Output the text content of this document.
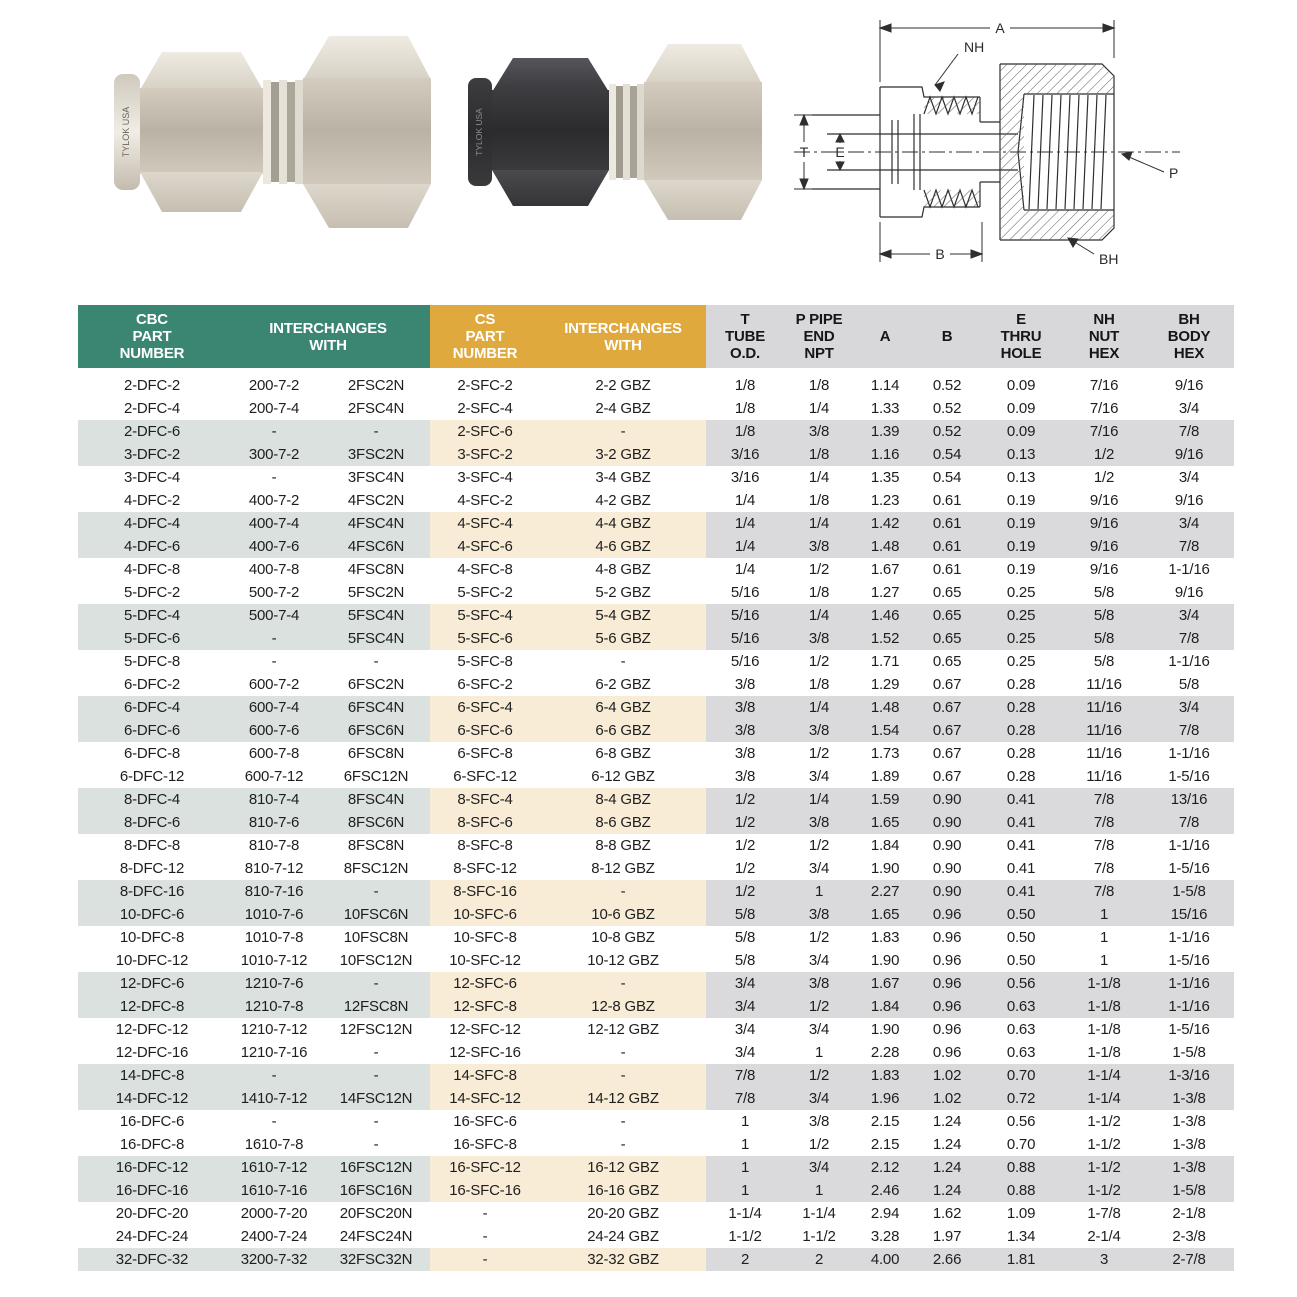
TYLOK USA	TYLOK USA
A
NH
T E
B
P
BH
CBC
PART
NUMBER

INTERCHANGES
WITH

CS
PART
NUMBER

INTERCHANGES
WITH

T
TUBE
O.D.

P PIPE
END
NPT

A	B

E
THRU
HOLE

NH
NUT
HEX

BH
BODY
HEX

2-DFC-2	200-7-2	2FSC2N	2-SFC-2	2-2 GBZ	1/8	1/8	1.14	0.52	0.09	7/16	9/16
2-DFC-4	200-7-4	2FSC4N	2-SFC-4	2-4 GBZ	1/8	1/4	1.33	0.52	0.09	7/16	3/4
2-DFC-6	-	-	2-SFC-6	-	1/8	3/8	1.39	0.52	0.09	7/16	7/8
3-DFC-2	300-7-2	3FSC2N	3-SFC-2	3-2 GBZ	3/16	1/8	1.16	0.54	0.13	1/2	9/16
3-DFC-4	-	3FSC4N	3-SFC-4	3-4 GBZ	3/16	1/4	1.35	0.54	0.13	1/2	3/4
4-DFC-2	400-7-2	4FSC2N	4-SFC-2	4-2 GBZ	1/4	1/8	1.23	0.61	0.19	9/16	9/16
4-DFC-4	400-7-4	4FSC4N	4-SFC-4	4-4 GBZ	1/4	1/4	1.42	0.61	0.19	9/16	3/4
4-DFC-6	400-7-6	4FSC6N	4-SFC-6	4-6 GBZ	1/4	3/8	1.48	0.61	0.19	9/16	7/8
4-DFC-8	400-7-8	4FSC8N	4-SFC-8	4-8 GBZ	1/4	1/2	1.67	0.61	0.19	9/16	1-1/16
5-DFC-2	500-7-2	5FSC2N	5-SFC-2	5-2 GBZ	5/16	1/8	1.27	0.65	0.25	5/8	9/16
5-DFC-4	500-7-4	5FSC4N	5-SFC-4	5-4 GBZ	5/16	1/4	1.46	0.65	0.25	5/8	3/4
5-DFC-6	-	5FSC4N	5-SFC-6	5-6 GBZ	5/16	3/8	1.52	0.65	0.25	5/8	7/8
5-DFC-8	-	-	5-SFC-8	-	5/16	1/2	1.71	0.65	0.25	5/8	1-1/16
6-DFC-2	600-7-2	6FSC2N	6-SFC-2	6-2 GBZ	3/8	1/8	1.29	0.67	0.28	11/16	5/8
6-DFC-4	600-7-4	6FSC4N	6-SFC-4	6-4 GBZ	3/8	1/4	1.48	0.67	0.28	11/16	3/4
6-DFC-6	600-7-6	6FSC6N	6-SFC-6	6-6 GBZ	3/8	3/8	1.54	0.67	0.28	11/16	7/8
6-DFC-8	600-7-8	6FSC8N	6-SFC-8	6-8 GBZ	3/8	1/2	1.73	0.67	0.28	11/16	1-1/16
6-DFC-12	600-7-12	6FSC12N	6-SFC-12	6-12 GBZ	3/8	3/4	1.89	0.67	0.28	11/16	1-5/16
8-DFC-4	810-7-4	8FSC4N	8-SFC-4	8-4 GBZ	1/2	1/4	1.59	0.90	0.41	7/8	13/16
8-DFC-6	810-7-6	8FSC6N	8-SFC-6	8-6 GBZ	1/2	3/8	1.65	0.90	0.41	7/8	7/8
8-DFC-8	810-7-8	8FSC8N	8-SFC-8	8-8 GBZ	1/2	1/2	1.84	0.90	0.41	7/8	1-1/16
8-DFC-12	810-7-12	8FSC12N	8-SFC-12	8-12 GBZ	1/2	3/4	1.90	0.90	0.41	7/8	1-5/16
8-DFC-16	810-7-16	-	8-SFC-16	-	1/2	1	2.27	0.90	0.41	7/8	1-5/8
10-DFC-6	1010-7-6	10FSC6N	10-SFC-6	10-6 GBZ	5/8	3/8	1.65	0.96	0.50	1	15/16
10-DFC-8	1010-7-8	10FSC8N	10-SFC-8	10-8 GBZ	5/8	1/2	1.83	0.96	0.50	1	1-1/16
10-DFC-12	1010-7-12	10FSC12N	10-SFC-12	10-12 GBZ	5/8	3/4	1.90	0.96	0.50	1	1-5/16
12-DFC-6	1210-7-6	-	12-SFC-6	-	3/4	3/8	1.67	0.96	0.56	1-1/8	1-1/16
12-DFC-8	1210-7-8	12FSC8N	12-SFC-8	12-8 GBZ	3/4	1/2	1.84	0.96	0.63	1-1/8	1-1/16
12-DFC-12	1210-7-12	12FSC12N	12-SFC-12	12-12 GBZ	3/4	3/4	1.90	0.96	0.63	1-1/8	1-5/16
12-DFC-16	1210-7-16	-	12-SFC-16	-	3/4	1	2.28	0.96	0.63	1-1/8	1-5/8
14-DFC-8	-	-	14-SFC-8	-	7/8	1/2	1.83	1.02	0.70	1-1/4	1-3/16
14-DFC-12	1410-7-12	14FSC12N	14-SFC-12	14-12 GBZ	7/8	3/4	1.96	1.02	0.72	1-1/4	1-3/8
16-DFC-6	-	-	16-SFC-6	-	1	3/8	2.15	1.24	0.56	1-1/2	1-3/8
16-DFC-8	1610-7-8	-	16-SFC-8	-	1	1/2	2.15	1.24	0.70	1-1/2	1-3/8
16-DFC-12	1610-7-12	16FSC12N	16-SFC-12	16-12 GBZ	1	3/4	2.12	1.24	0.88	1-1/2	1-3/8
16-DFC-16	1610-7-16	16FSC16N	16-SFC-16	16-16 GBZ	1	1	2.46	1.24	0.88	1-1/2	1-5/8
20-DFC-20	2000-7-20	20FSC20N	-	20-20 GBZ	1-1/4	1-1/4	2.94	1.62	1.09	1-7/8	2-1/8
24-DFC-24	2400-7-24	24FSC24N	-	24-24 GBZ	1-1/2	1-1/2	3.28	1.97	1.34	2-1/4	2-3/8
32-DFC-32	3200-7-32	32FSC32N	-	32-32 GBZ	2	2	4.00	2.66	1.81	3	2-7/8
